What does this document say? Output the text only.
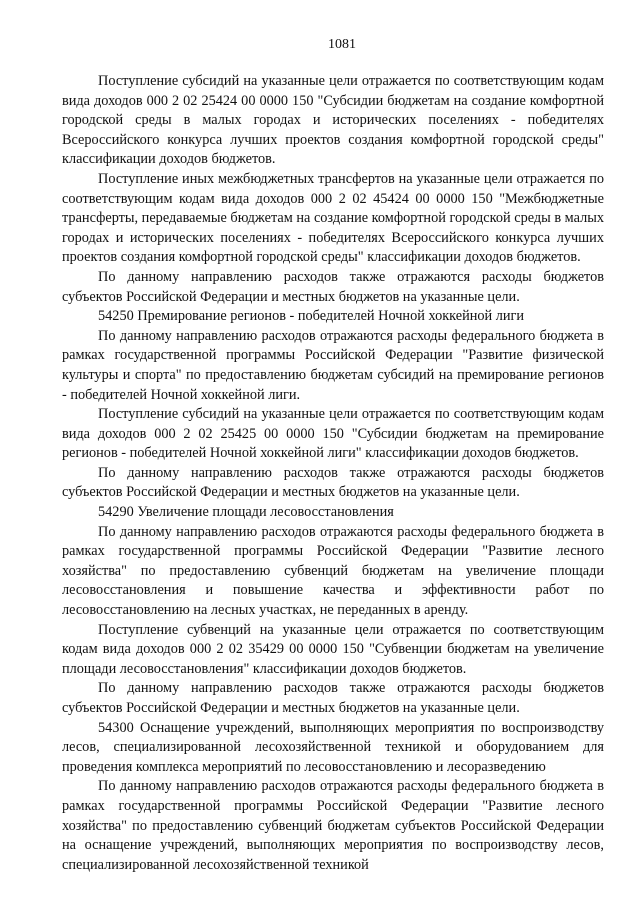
1081

Поступление субсидий на указанные цели отражается по соответствующим кодам вида доходов 000 2 02 25424 00 0000 150 "Субсидии бюджетам на создание комфортной городской среды в малых городах и исторических поселениях - победителях Всероссийского конкурса лучших проектов создания комфортной городской среды" классификации доходов бюджетов.

Поступление иных межбюджетных трансфертов на указанные цели отражается по соответствующим кодам вида доходов 000 2 02 45424 00 0000 150 "Межбюджетные трансферты, передаваемые бюджетам на создание комфортной городской среды в малых городах и исторических поселениях - победителях Всероссийского конкурса лучших проектов создания комфортной городской среды" классификации доходов бюджетов.

По данному направлению расходов также отражаются расходы бюджетов субъектов Российской Федерации и местных бюджетов на указанные цели.

54250 Премирование регионов - победителей Ночной хоккейной лиги

По данному направлению расходов отражаются расходы федерального бюджета в рамках государственной программы Российской Федерации "Развитие физической культуры и спорта" по предоставлению бюджетам субсидий на премирование регионов - победителей Ночной хоккейной лиги.

Поступление субсидий на указанные цели отражается по соответствующим кодам вида доходов 000 2 02 25425 00 0000 150 "Субсидии бюджетам на премирование регионов - победителей Ночной хоккейной лиги" классификации доходов бюджетов.

По данному направлению расходов также отражаются расходы бюджетов субъектов Российской Федерации и местных бюджетов на указанные цели.

54290 Увеличение площади лесовосстановления

По данному направлению расходов отражаются расходы федерального бюджета в рамках государственной программы Российской Федерации "Развитие лесного хозяйства" по предоставлению субвенций бюджетам на увеличение площади лесовосстановления и повышение качества и эффективности работ по лесовосстановлению на лесных участках, не переданных в аренду.

Поступление субвенций на указанные цели отражается по соответствующим кодам вида доходов 000 2 02 35429 00 0000 150 "Субвенции бюджетам на увеличение площади лесовосстановления" классификации доходов бюджетов.

По данному направлению расходов также отражаются расходы бюджетов субъектов Российской Федерации и местных бюджетов на указанные цели.

54300 Оснащение учреждений, выполняющих мероприятия по воспроизводству лесов, специализированной лесохозяйственной техникой и оборудованием для проведения комплекса мероприятий по лесовосстановлению и лесоразведению

По данному направлению расходов отражаются расходы федерального бюджета в рамках государственной программы Российской Федерации "Развитие лесного хозяйства" по предоставлению субвенций бюджетам субъектов Российской Федерации на оснащение учреждений, выполняющих мероприятия по воспроизводству лесов, специализированной лесохозяйственной техникой
